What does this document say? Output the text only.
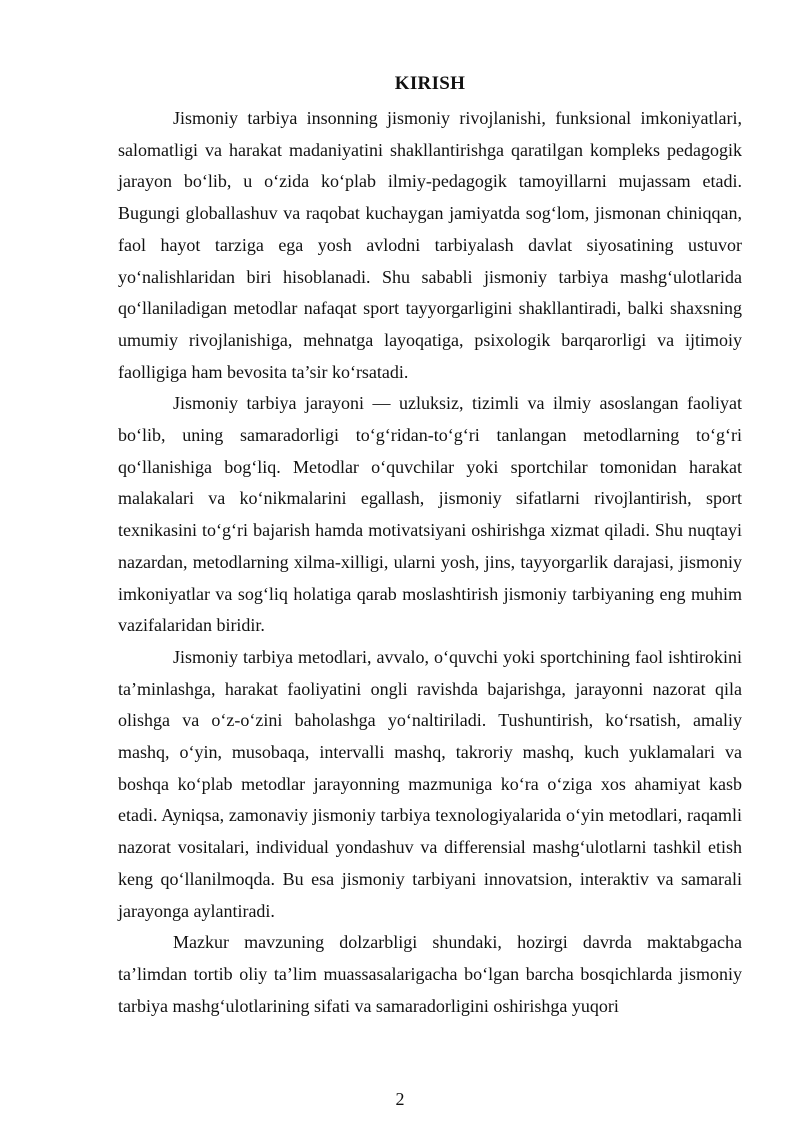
KIRISH

Jismoniy tarbiya insonning jismoniy rivojlanishi, funksional imkoniyatlari, salomatligi va harakat madaniyatini shakllantirishga qaratilgan kompleks pedagogik jarayon bo‘lib, u o‘zida ko‘plab ilmiy-pedagogik tamoyillarni mujassam etadi. Bugungi globallashuv va raqobat kuchaygan jamiyatda sog‘lom, jismonan chiniqqan, faol hayot tarziga ega yosh avlodni tarbiyalash davlat siyosatining ustuvor yo‘nalishlaridan biri hisoblanadi. Shu sababli jismoniy tarbiya mashg‘ulotlarida qo‘llaniladigan metodlar nafaqat sport tayyorgarligini shakllantiradi, balki shaxsning umumiy rivojlanishiga, mehnatga layoqatiga, psixologik barqarorligi va ijtimoiy faolligiga ham bevosita ta’sir ko‘rsatadi.

Jismoniy tarbiya jarayoni — uzluksiz, tizimli va ilmiy asoslangan faoliyat bo‘lib, uning samaradorligi to‘g‘ridan-to‘g‘ri tanlangan metodlarning to‘g‘ri qo‘llanishiga bog‘liq. Metodlar o‘quvchilar yoki sportchilar tomonidan harakat malakalari va ko‘nikmalarini egallash, jismoniy sifatlarni rivojlantirish, sport texnikasini to‘g‘ri bajarish hamda motivatsiyani oshirishga xizmat qiladi. Shu nuqtayi nazardan, metodlarning xilma-xilligi, ularni yosh, jins, tayyorgarlik darajasi, jismoniy imkoniyatlar va sog‘liq holatiga qarab moslashtirish jismoniy tarbiyaning eng muhim vazifalaridan biridir.

Jismoniy tarbiya metodlari, avvalo, o‘quvchi yoki sportchining faol ishtirokini ta’minlashga, harakat faoliyatini ongli ravishda bajarishga, jarayonni nazorat qila olishga va o‘z-o‘zini baholashga yo‘naltiriladi. Tushuntirish, ko‘rsatish, amaliy mashq, o‘yin, musobaqa, intervalli mashq, takroriy mashq, kuch yuklamalari va boshqa ko‘plab metodlar jarayonning mazmuniga ko‘ra o‘ziga xos ahamiyat kasb etadi. Ayniqsa, zamonaviy jismoniy tarbiya texnologiyalarida o‘yin metodlari, raqamli nazorat vositalari, individual yondashuv va differensial mashg‘ulotlarni tashkil etish keng qo‘llanilmoqda. Bu esa jismoniy tarbiyani innovatsion, interaktiv va samarali jarayonga aylantiradi.

Mazkur mavzuning dolzarbligi shundaki, hozirgi davrda maktabgacha ta’limdan tortib oliy ta’lim muassasalarigacha bo‘lgan barcha bosqichlarda jismoniy tarbiya mashg‘ulotlarining sifati va samaradorligini oshirishga yuqori

2
